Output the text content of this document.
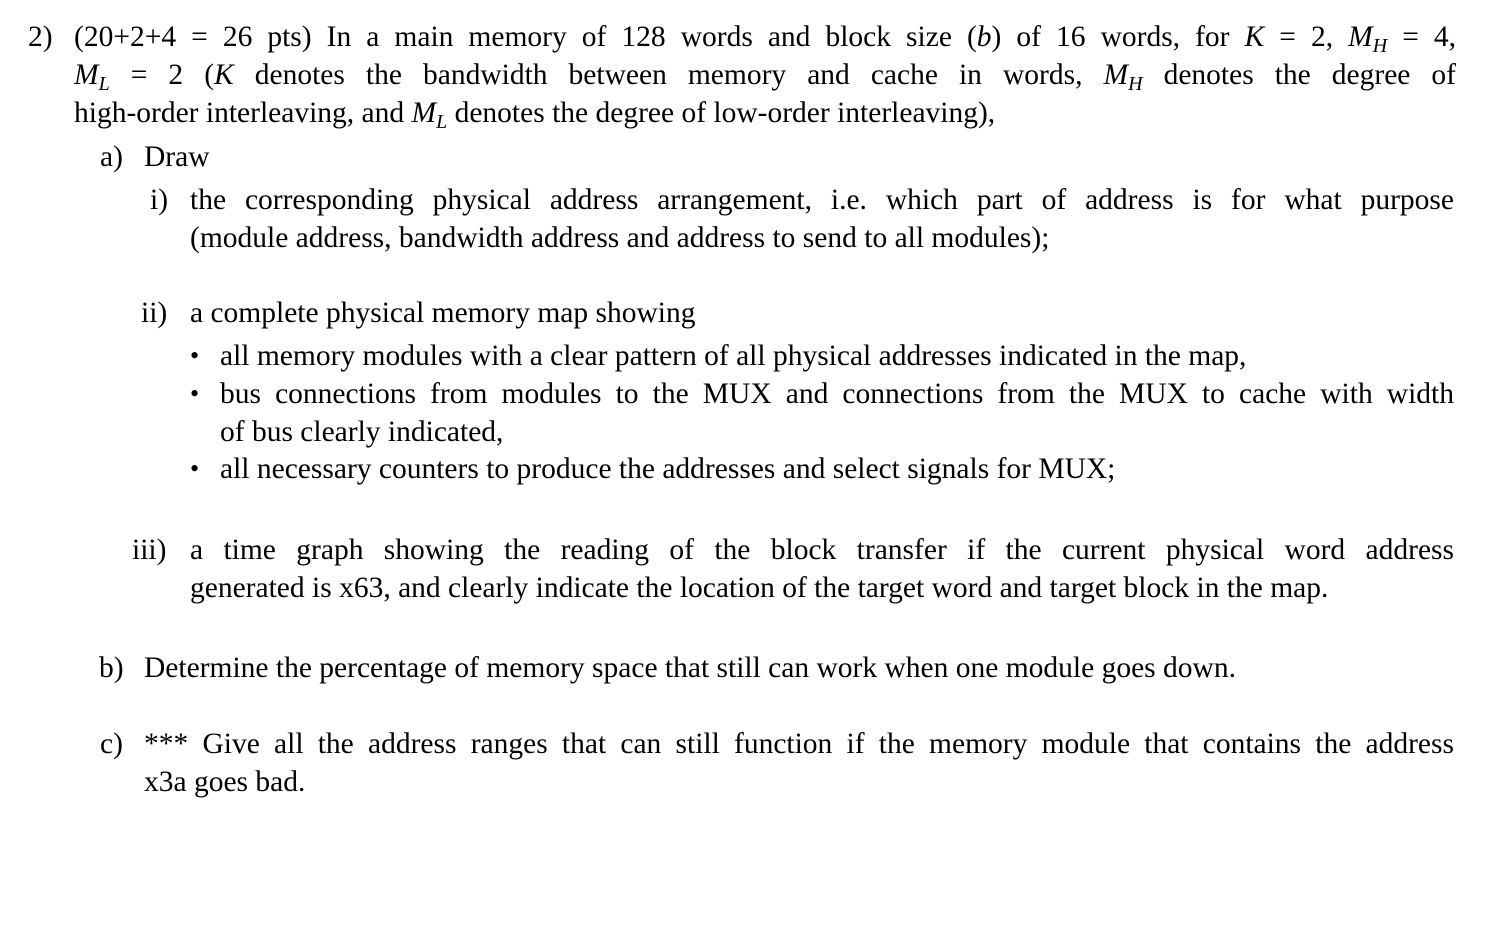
2) (20+2+4 = 26 pts) In a main memory of 128 words and block size (b) of 16 words, for K = 2, $M_H = 4$,
$M_L = 2$ (K denotes the bandwidth between memory and cache in words, $M_H$ denotes the degree of
high-order interleaving, and $M_L$ denotes the degree of low-order interleaving),
a) Draw
i) the corresponding physical address arrangement, i.e. which part of address is for what purpose
(module address, bandwidth address and address to send to all modules);
ii) a complete physical memory map showing
• all memory modules with a clear pattern of all physical addresses indicated in the map,
• bus connections from modules to the MUX and connections from the MUX to cache with width
of bus clearly indicated,
• all necessary counters to produce the addresses and select signals for MUX;
iii) a time graph showing the reading of the block transfer if the current physical word address
generated is x63, and clearly indicate the location of the target word and target block in the map.
b) Determine the percentage of memory space that still can work when one module goes down.
c) *** Give all the address ranges that can still function if the memory module that contains the address
x3a goes bad.
